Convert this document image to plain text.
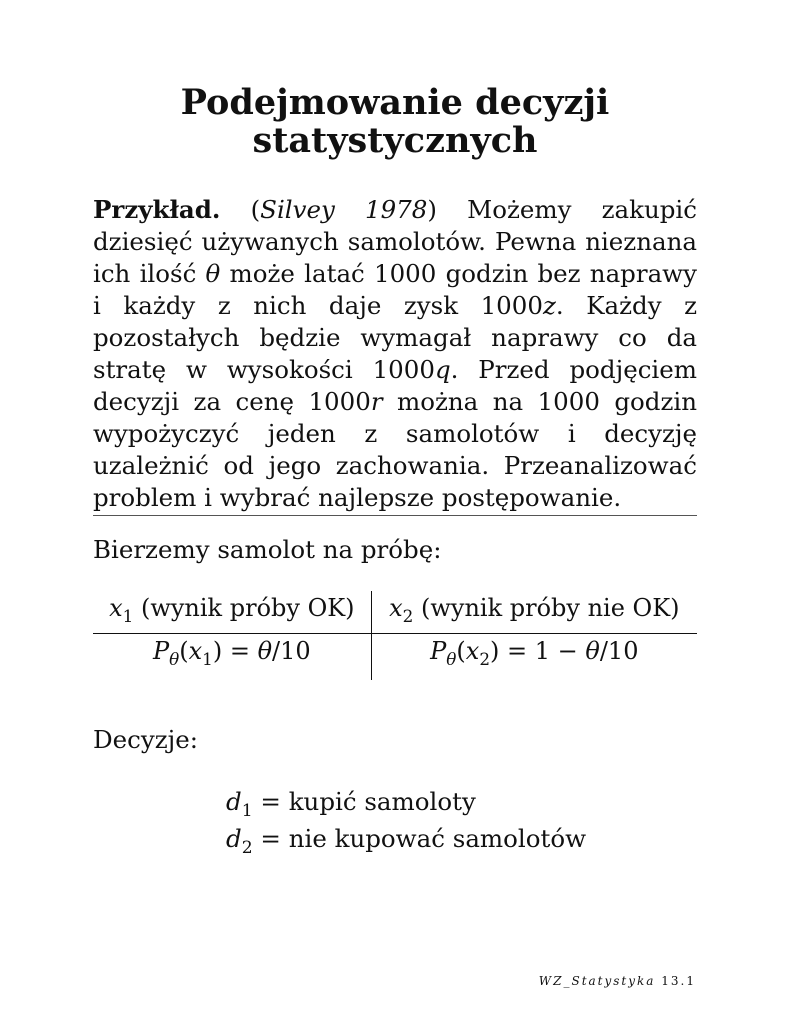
Podejmowanie decyzji
statystycznych
Przykład. (Silvey 1978) Możemy zakupić dziesięć używanych samolotów. Pewna nieznana ich ilość θ może latać 1000 godzin bez naprawy i każdy z nich daje zysk 1000z. Każdy z pozostałych będzie wymagał naprawy co da stratę w wysokości 1000q. Przed podjęciem decyzji za cenę 1000r można na 1000 godzin wypożyczyć jeden z samolotów i decyzję uzależnić od jego zachowania. Przeanalizować problem i wybrać najlepsze postępowanie.
Bierzemy samolot na próbę:
$x_1$ (wynik próby OK)	$x_2$ (wynik próby nie OK)
$P_\theta(x_1) = \theta/10$	$P_\theta(x_2) = 1 - \theta/10$
Decyzje:
$d_1$ = kupić samoloty
$d_2$ = nie kupować samolotów
WZ_Statystyka 13.1
